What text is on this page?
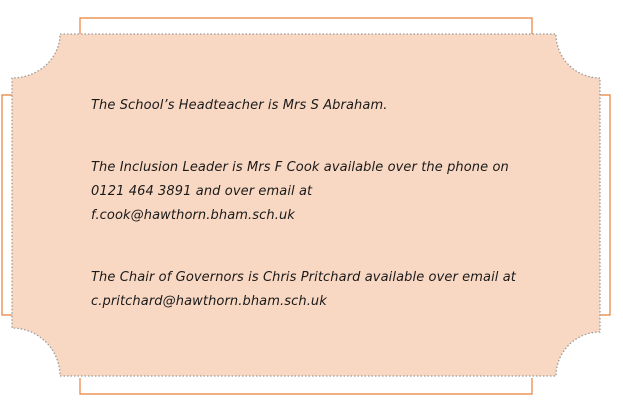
The School’s Headteacher is Mrs S Abraham.

The Inclusion Leader is Mrs F Cook available over the phone on

0121 464 3891 and over email at

f.cook@hawthorn.bham.sch.uk

The Chair of Governors is Chris Pritchard available over email at

c.pritchard@hawthorn.bham.sch.uk
